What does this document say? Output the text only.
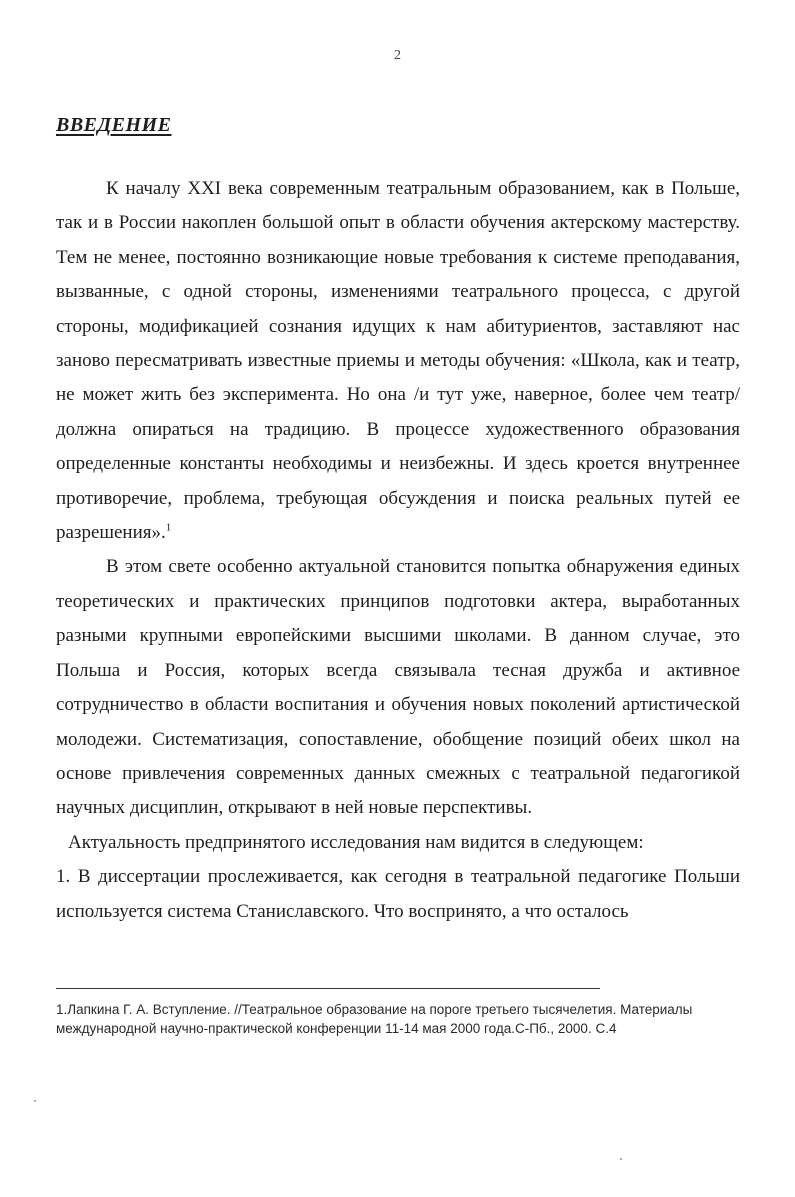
2
ВВЕДЕНИЕ

К началу XXI века современным театральным образованием, как в Польше, так и в России накоплен большой опыт в области обучения актерскому мастерству. Тем не менее, постоянно возникающие новые требования к системе преподавания, вызванные, с одной стороны, изменениями театрального процесса, с другой стороны, модификацией сознания идущих к нам абитуриентов, заставляют нас заново пересматривать известные приемы и методы обучения: «Школа, как и театр, не может жить без эксперимента. Но она /и тут уже, наверное, более чем театр/ должна опираться на традицию. В процессе художественного образования определенные константы необходимы и неизбежны. И здесь кроется внутреннее противоречие, проблема, требующая обсуждения и поиска реальных путей ее разрешения».$^1$

В этом свете особенно актуальной становится попытка обнаружения единых теоретических и практических принципов подготовки актера, выработанных разными крупными европейскими высшими школами. В данном случае, это Польша и Россия, которых всегда связывала тесная дружба и активное сотрудничество в области воспитания и обучения новых поколений артистической молодежи. Систематизация, сопоставление, обобщение позиций обеих школ на основе привлечения современных данных смежных с театральной педагогикой научных дисциплин, открывают в ней новые перспективы.

Актуальность предпринятого исследования нам видится в следующем:

1. В диссертации прослеживается, как сегодня в театральной педагогике Польши используется система Станиславского. Что воспринято, а что осталось

1.Лапкина Г. А. Вступление. //Театральное образование на пороге третьего тысячелетия. Материалы международной научно-практической конференции 11-14 мая 2000 года.С-Пб., 2000. С.4
